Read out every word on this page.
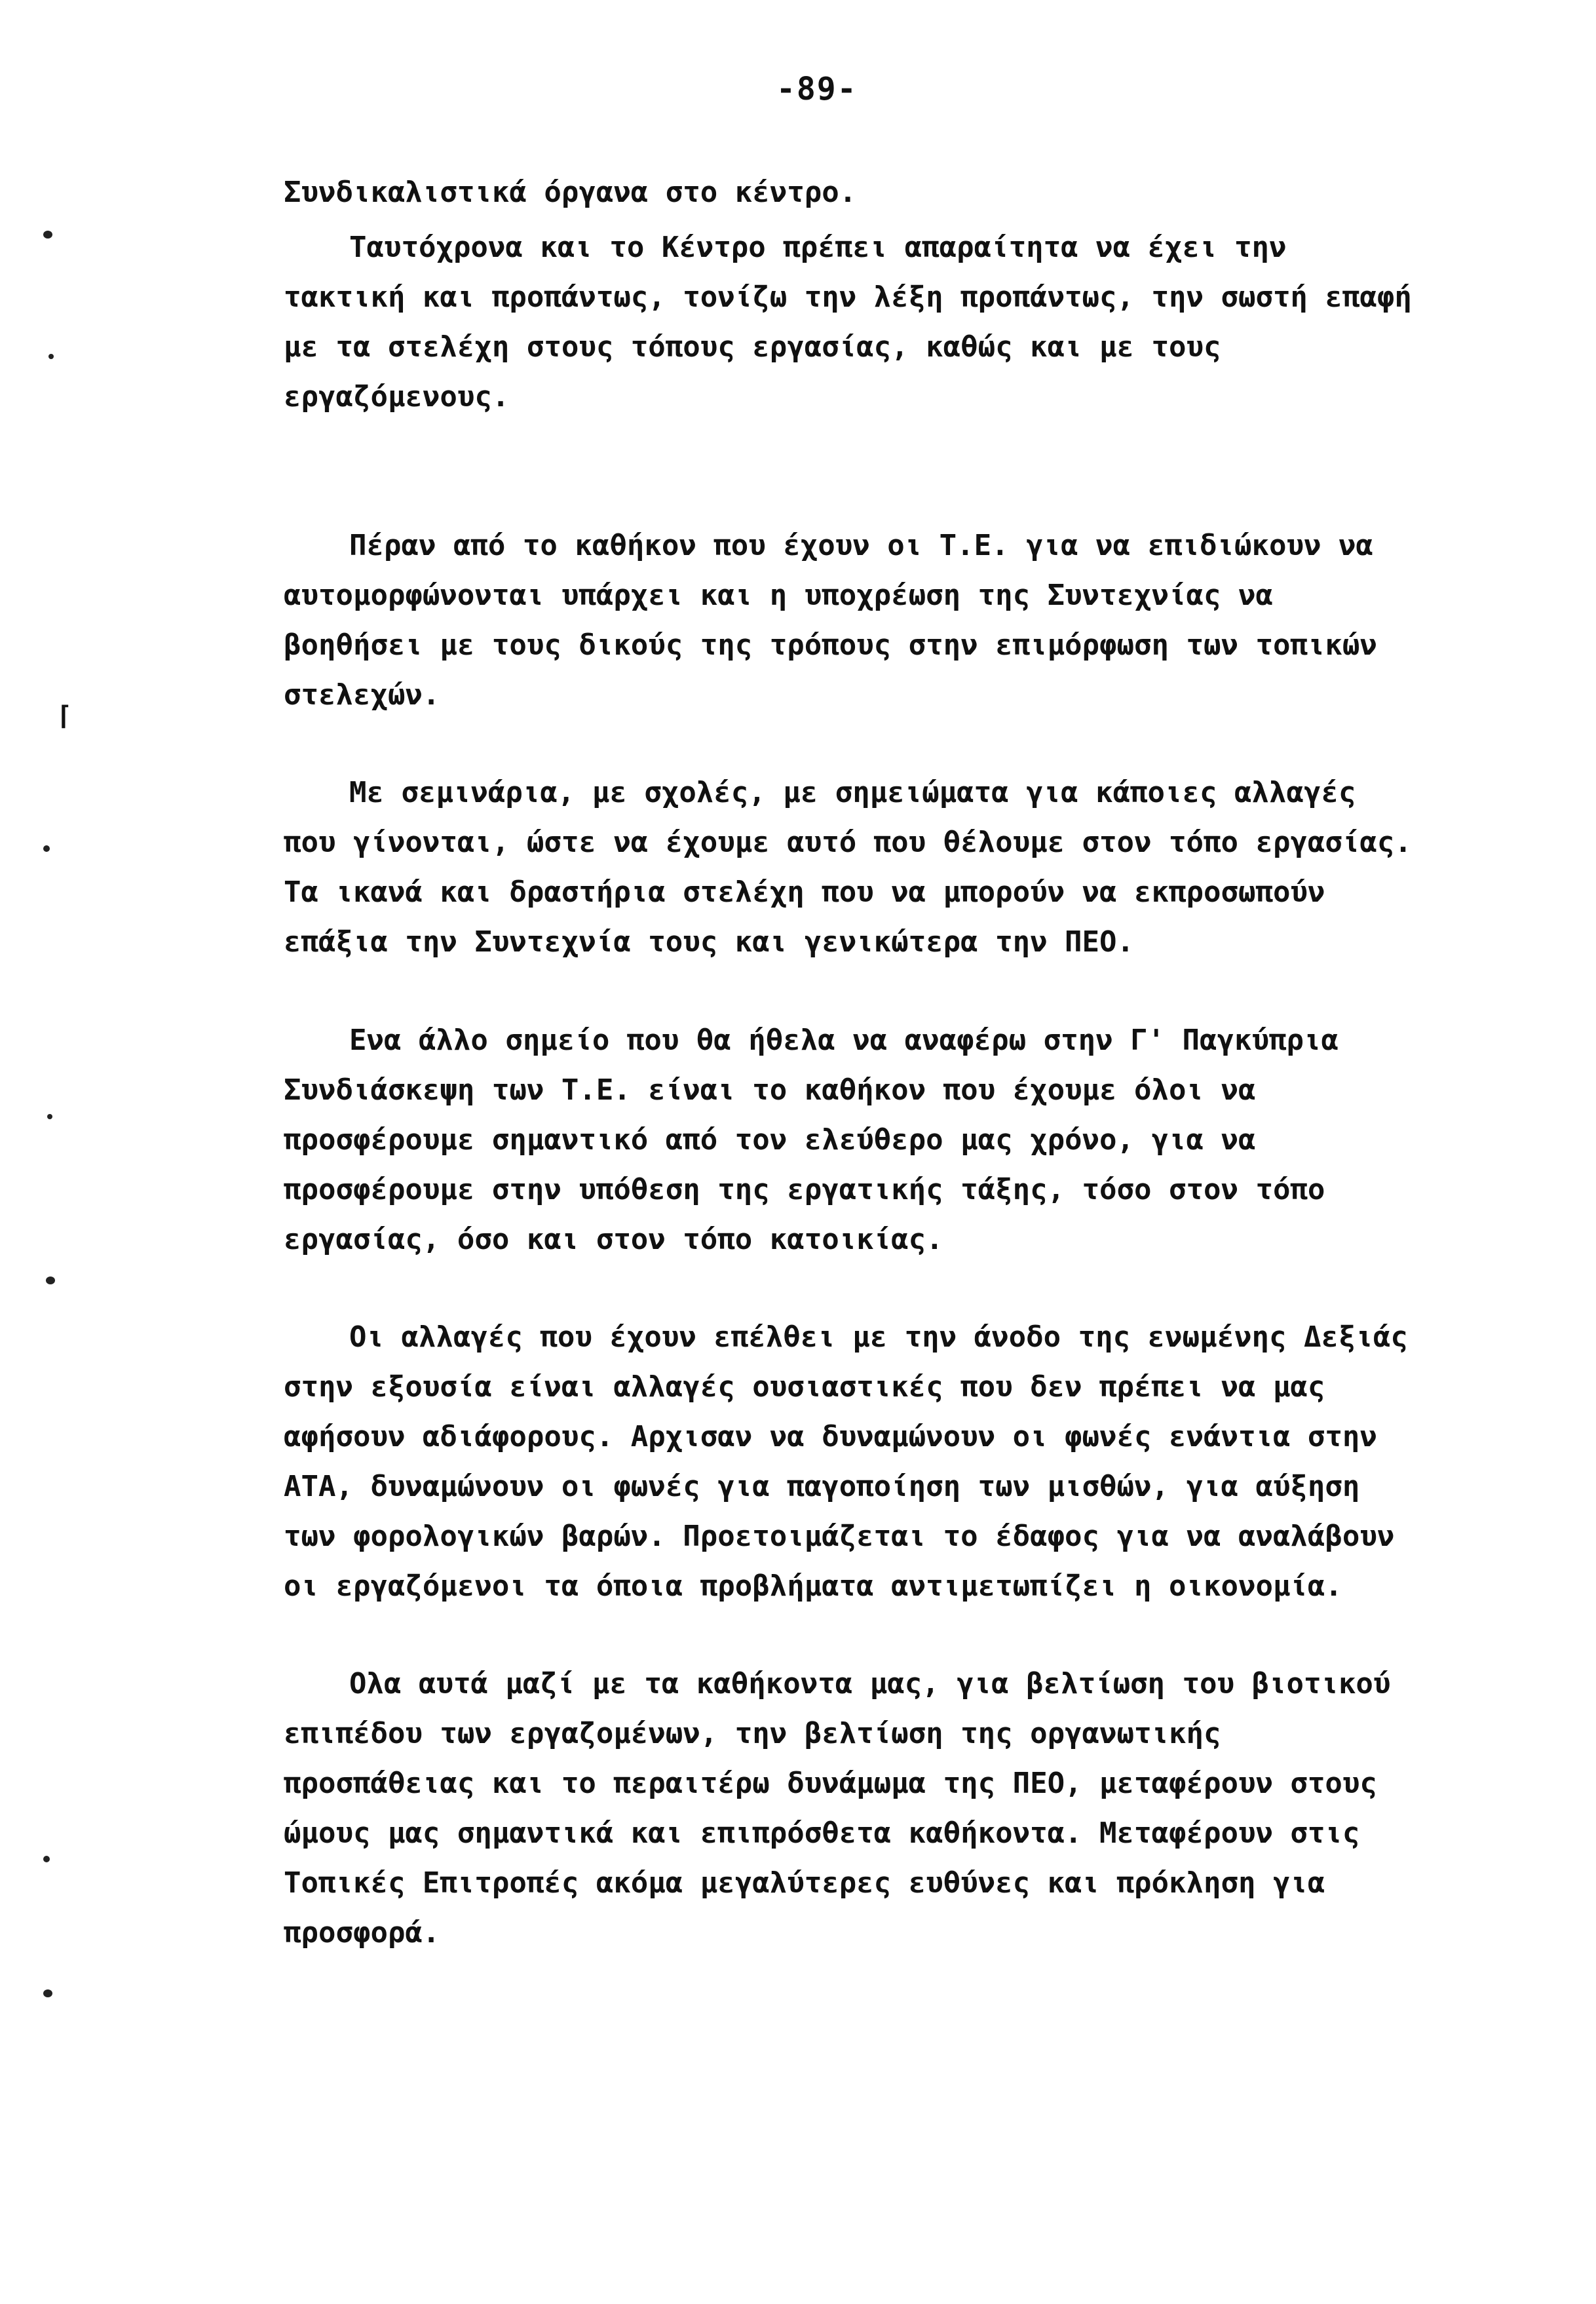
-89-
Συνδικαλιστικά όργανα στο κέντρο.
Ταυτόχρονα και το Κέντρο πρέπει απαραίτητα να έχει την
τακτική και προπάντως, τονίζω την λέξη προπάντως, την σωστή επαφή
με τα στελέχη στους τόπους εργασίας, καθώς και με τους
εργαζόμενους.
Πέραν από το καθήκον που έχουν οι Τ.Ε. για να επιδιώκουν να
αυτομορφώνονται υπάρχει και η υποχρέωση της Συντεχνίας να
βοηθήσει με τους δικούς της τρόπους στην επιμόρφωση των τοπικών
στελεχών.
Με σεμινάρια, με σχολές, με σημειώματα για κάποιες αλλαγές
που γίνονται, ώστε να έχουμε αυτό που θέλουμε στον τόπο εργασίας.
Τα ικανά και δραστήρια στελέχη που να μπορούν να εκπροσωπούν
επάξια την Συντεχνία τους και γενικώτερα την ΠΕΟ.
Ενα άλλο σημείο που θα ήθελα να αναφέρω στην Γ' Παγκύπρια
Συνδιάσκεψη των Τ.Ε. είναι το καθήκον που έχουμε όλοι να
προσφέρουμε σημαντικό από τον ελεύθερο μας χρόνο, για να
προσφέρουμε στην υπόθεση της εργατικής τάξης, τόσο στον τόπο
εργασίας, όσο και στον τόπο κατοικίας.
Οι αλλαγές που έχουν επέλθει με την άνοδο της ενωμένης Δεξιάς
στην εξουσία είναι αλλαγές ουσιαστικές που δεν πρέπει να μας
αφήσουν αδιάφορους. Αρχισαν να δυναμώνουν οι φωνές ενάντια στην
ΑΤΑ, δυναμώνουν οι φωνές για παγοποίηση των μισθών, για αύξηση
των φορολογικών βαρών. Προετοιμάζεται το έδαφος για να αναλάβουν
οι εργαζόμενοι τα όποια προβλήματα αντιμετωπίζει η οικονομία.
Ολα αυτά μαζί με τα καθήκοντα μας, για βελτίωση του βιοτικού
επιπέδου των εργαζομένων, την βελτίωση της οργανωτικής
προσπάθειας και το περαιτέρω δυνάμωμα της ΠΕΟ, μεταφέρουν στους
ώμους μας σημαντικά και επιπρόσθετα καθήκοντα. Μεταφέρουν στις
Τοπικές Επιτροπές ακόμα μεγαλύτερες ευθύνες και πρόκληση για
προσφορά.
⌈
